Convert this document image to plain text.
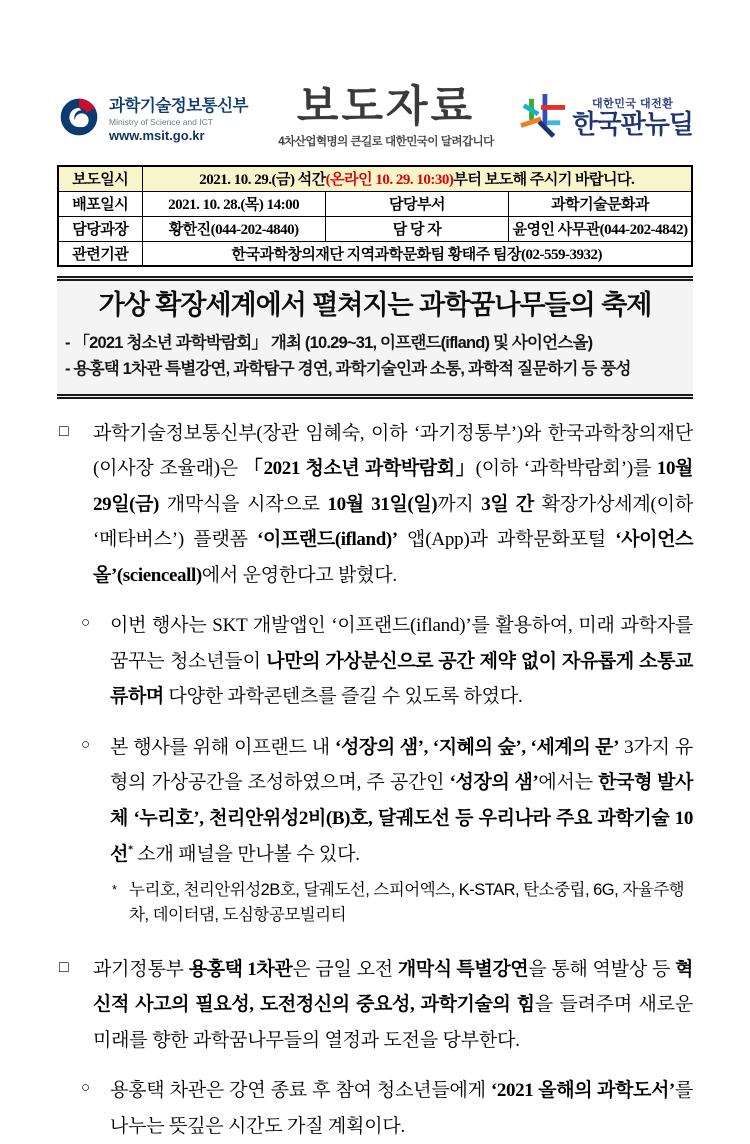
과학기술정보통신부
Ministry of Science and ICT
www.msit.go.kr
보도자료
4차산업혁명의 큰길로 대한민국이 달려갑니다
대한민국 대전환
한국판뉴딜
보도일시	2021. 10. 29.(금) 석간(온라인 10. 29. 10:30)부터 보도해 주시기 바랍니다.		
배포일시	2021. 10. 28.(목) 14:00	담당부서	과학기술문화과
담당과장	황한진(044-202-4840)	담 당 자	윤영인 사무관(044-202-4842)
관련기관	한국과학창의재단 지역과학문화팀 황태주 팀장(02-559-3932)		
가상 확장세계에서 펼쳐지는 과학꿈나무들의 축제
- 「2021 청소년 과학박람회」 개최 (10.29~31, 이프랜드(ifland) 및 사이언스올)
- 용홍택 1차관 특별강연, 과학탐구 경연, 과학기술인과 소통, 과학적 질문하기 등 풍성

□ 과학기술정보통신부(장관 임혜숙, 이하 ‘과기정통부’)와 한국과학창의재단(이사장 조율래)은 「2021 청소년 과학박람회」(이하 ‘과학박람회’)를 10월 29일(금) 개막식을 시작으로 10월 31일(일)까지 3일 간 확장가상세계(이하 ‘메타버스’) 플랫폼 ‘이프랜드(ifland)’ 앱(App)과 과학문화포털 ‘사이언스올’(scienceall)에서 운영한다고 밝혔다.

○ 이번 행사는 SKT 개발앱인 ‘이프랜드(ifland)’를 활용하여, 미래 과학자를 꿈꾸는 청소년들이 나만의 가상분신으로 공간 제약 없이 자유롭게 소통교류하며 다양한 과학콘텐츠를 즐길 수 있도록 하였다.

○ 본 행사를 위해 이프랜드 내 ‘성장의 샘’, ‘지혜의 숲’, ‘세계의 문’ 3가지 유형의 가상공간을 조성하였으며, 주 공간인 ‘성장의 샘’에서는 한국형 발사체 ‘누리호’, 천리안위성2비(B)호, 달궤도선 등 우리나라 주요 과학기술 10선* 소개 패널을 만나볼 수 있다.

* 누리호, 천리안위성2B호, 달궤도선, 스피어엑스, K-STAR, 탄소중립, 6G, 자율주행차, 데이터댐, 도심항공모빌리티

□ 과기정통부 용홍택 1차관은 금일 오전 개막식 특별강연을 통해 역발상 등 혁신적 사고의 필요성, 도전정신의 중요성, 과학기술의 힘을 들려주며 새로운 미래를 향한 과학꿈나무들의 열정과 도전을 당부한다.

○ 용홍택 차관은 강연 종료 후 참여 청소년들에게 ‘2021 올해의 과학도서’를 나누는 뜻깊은 시간도 가질 계획이다.
